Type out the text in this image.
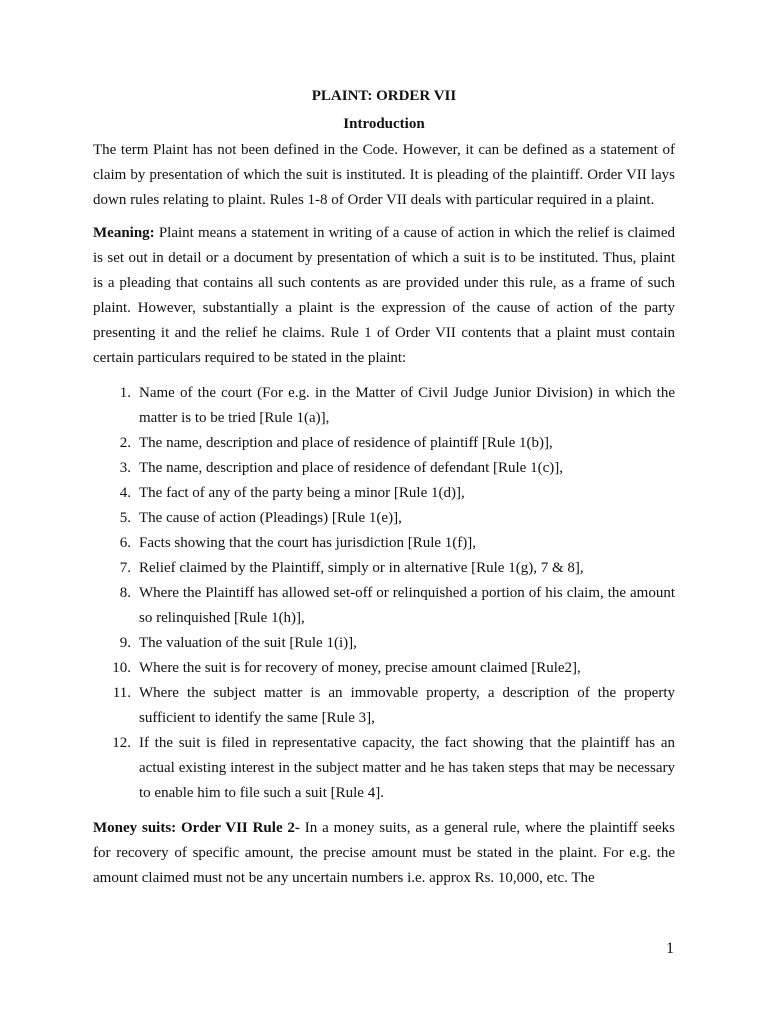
PLAINT: ORDER VII
Introduction

The term Plaint has not been defined in the Code. However, it can be defined as a statement of claim by presentation of which the suit is instituted. It is pleading of the plaintiff. Order VII lays down rules relating to plaint. Rules 1-8 of Order VII deals with particular required in a plaint.

Meaning: Plaint means a statement in writing of a cause of action in which the relief is claimed is set out in detail or a document by presentation of which a suit is to be instituted. Thus, plaint is a pleading that contains all such contents as are provided under this rule, as a frame of such plaint. However, substantially a plaint is the expression of the cause of action of the party presenting it and the relief he claims. Rule 1 of Order VII contents that a plaint must contain certain particulars required to be stated in the plaint:

1. Name of the court (For e.g. in the Matter of Civil Judge Junior Division) in which the matter is to be tried [Rule 1(a)],
2. The name, description and place of residence of plaintiff [Rule 1(b)],
3. The name, description and place of residence of defendant [Rule 1(c)],
4. The fact of any of the party being a minor [Rule 1(d)],
5. The cause of action (Pleadings) [Rule 1(e)],
6. Facts showing that the court has jurisdiction [Rule 1(f)],
7. Relief claimed by the Plaintiff, simply or in alternative [Rule 1(g), 7 & 8],
8. Where the Plaintiff has allowed set-off or relinquished a portion of his claim, the amount so relinquished [Rule 1(h)],
9. The valuation of the suit [Rule 1(i)],
10. Where the suit is for recovery of money, precise amount claimed [Rule2],
11. Where the subject matter is an immovable property, a description of the property sufficient to identify the same [Rule 3],
12. If the suit is filed in representative capacity, the fact showing that the plaintiff has an actual existing interest in the subject matter and he has taken steps that may be necessary to enable him to file such a suit [Rule 4].

Money suits: Order VII Rule 2- In a money suits, as a general rule, where the plaintiff seeks for recovery of specific amount, the precise amount must be stated in the plaint. For e.g. the amount claimed must not be any uncertain numbers i.e. approx Rs. 10,000, etc. The

1
